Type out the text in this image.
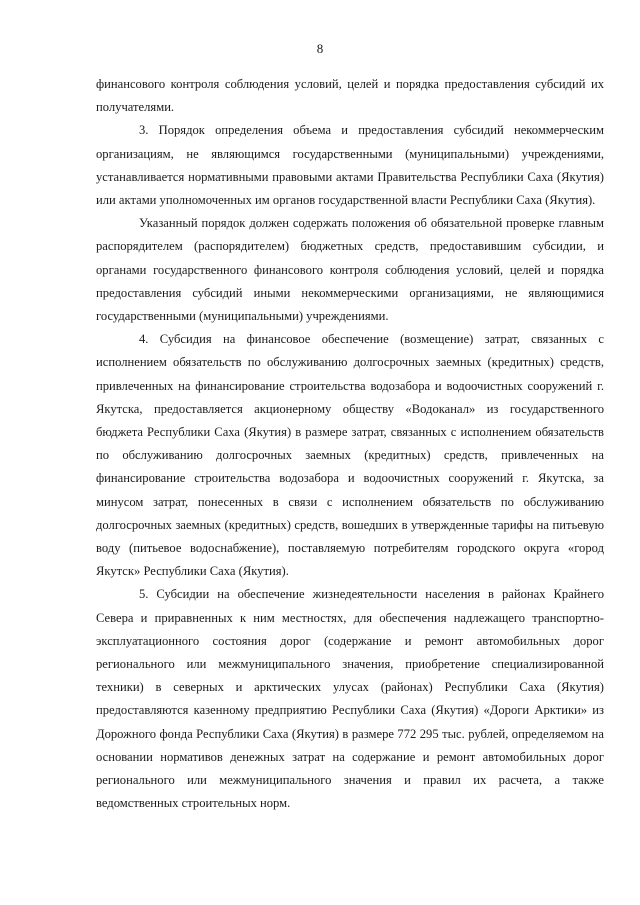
8

финансового контроля соблюдения условий, целей и порядка предоставления субсидий их получателями.

3. Порядок определения объема и предоставления субсидий некоммерческим организациям, не являющимся государственными (муниципальными) учреждениями, устанавливается нормативными правовыми актами Правительства Республики Саха (Якутия) или актами уполномоченных им органов государственной власти Республики Саха (Якутия).

Указанный порядок должен содержать положения об обязательной проверке главным распорядителем (распорядителем) бюджетных средств, предоставившим субсидии, и органами государственного финансового контроля соблюдения условий, целей и порядка предоставления субсидий иными некоммерческими организациями, не являющимися государственными (муниципальными) учреждениями.

4. Субсидия на финансовое обеспечение (возмещение) затрат, связанных с исполнением обязательств по обслуживанию долгосрочных заемных (кредитных) средств, привлеченных на финансирование строительства водозабора и водоочистных сооружений г. Якутска, предоставляется акционерному обществу «Водоканал» из государственного бюджета Республики Саха (Якутия) в размере затрат, связанных с исполнением обязательств по обслуживанию долгосрочных заемных (кредитных) средств, привлеченных на финансирование строительства водозабора и водоочистных сооружений г. Якутска, за минусом затрат, понесенных в связи с исполнением обязательств по обслуживанию долгосрочных заемных (кредитных) средств, вошедших в утвержденные тарифы на питьевую воду (питьевое водоснабжение), поставляемую потребителям городского округа «город Якутск» Республики Саха (Якутия).

5. Субсидии на обеспечение жизнедеятельности населения в районах Крайнего Севера и приравненных к ним местностях, для обеспечения надлежащего транспортно-эксплуатационного состояния дорог (содержание и ремонт автомобильных дорог регионального или межмуниципального значения, приобретение специализированной техники) в северных и арктических улусах (районах) Республики Саха (Якутия) предоставляются казенному предприятию Республики Саха (Якутия) «Дороги Арктики» из Дорожного фонда Республики Саха (Якутия) в размере 772 295 тыс. рублей, определяемом на основании нормативов денежных затрат на содержание и ремонт автомобильных дорог регионального или межмуниципального значения и правил их расчета, а также ведомственных строительных норм.
